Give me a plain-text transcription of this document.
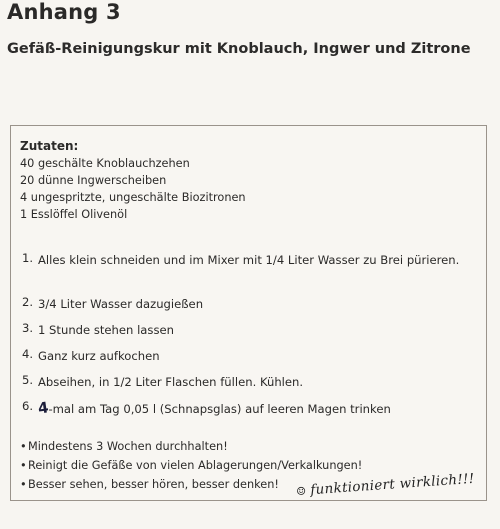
Anhang 3
Gefäß-Reinigungskur mit Knoblauch, Ingwer und Zitrone
Zutaten:
40 geschälte Knoblauchzehen
20 dünne Ingwerscheiben
4 ungespritzte, ungeschälte Biozitronen
1 Esslöffel Olivenöl
1. Alles klein schneiden und im Mixer mit 1/4 Liter Wasser zu Brei pürieren.
2. 3/4 Liter Wasser dazugießen
3. 1 Stunde stehen lassen
4. Ganz kurz aufkochen
5. Abseihen, in 1/2 Liter Flaschen füllen. Kühlen.
6. 4-mal am Tag 0,05 l (Schnapsglas) auf leeren Magen trinken
• Mindestens 3 Wochen durchhalten!
• Reinigt die Gefäße von vielen Ablagerungen/Verkalkungen!
• Besser sehen, besser hören, besser denken!
☺ funktioniert wirklich!!!
